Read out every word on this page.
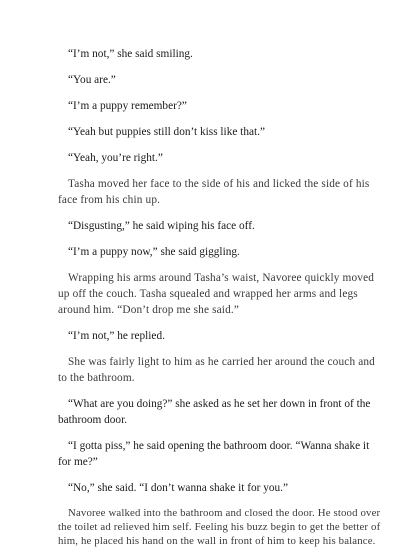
“I’m not,” she said smiling.

“You are.”

“I’m a puppy remember?”

“Yeah but puppies still don’t kiss like that.”

“Yeah, you’re right.”

Tasha moved her face to the side of his and licked the side of his face from his chin up.

“Disgusting,” he said wiping his face off.

“I’m a puppy now,” she said giggling.

Wrapping his arms around Tasha’s waist, Navoree quickly moved up off the couch. Tasha squealed and wrapped her arms and legs around him. “Don’t drop me she said.”

“I’m not,” he replied.

She was fairly light to him as he carried her around the couch and to the bathroom.

“What are you doing?” she asked as he set her down in front of the bathroom door.

“I gotta piss,” he said opening the bathroom door. “Wanna shake it for me?”

“No,” she said. “I don’t wanna shake it for you.”

Navoree walked into the bathroom and closed the door. He stood over the toilet ad relieved him self. Feeling his buzz begin to get the better of him, he placed his hand on the wall in front of him to keep his balance.
